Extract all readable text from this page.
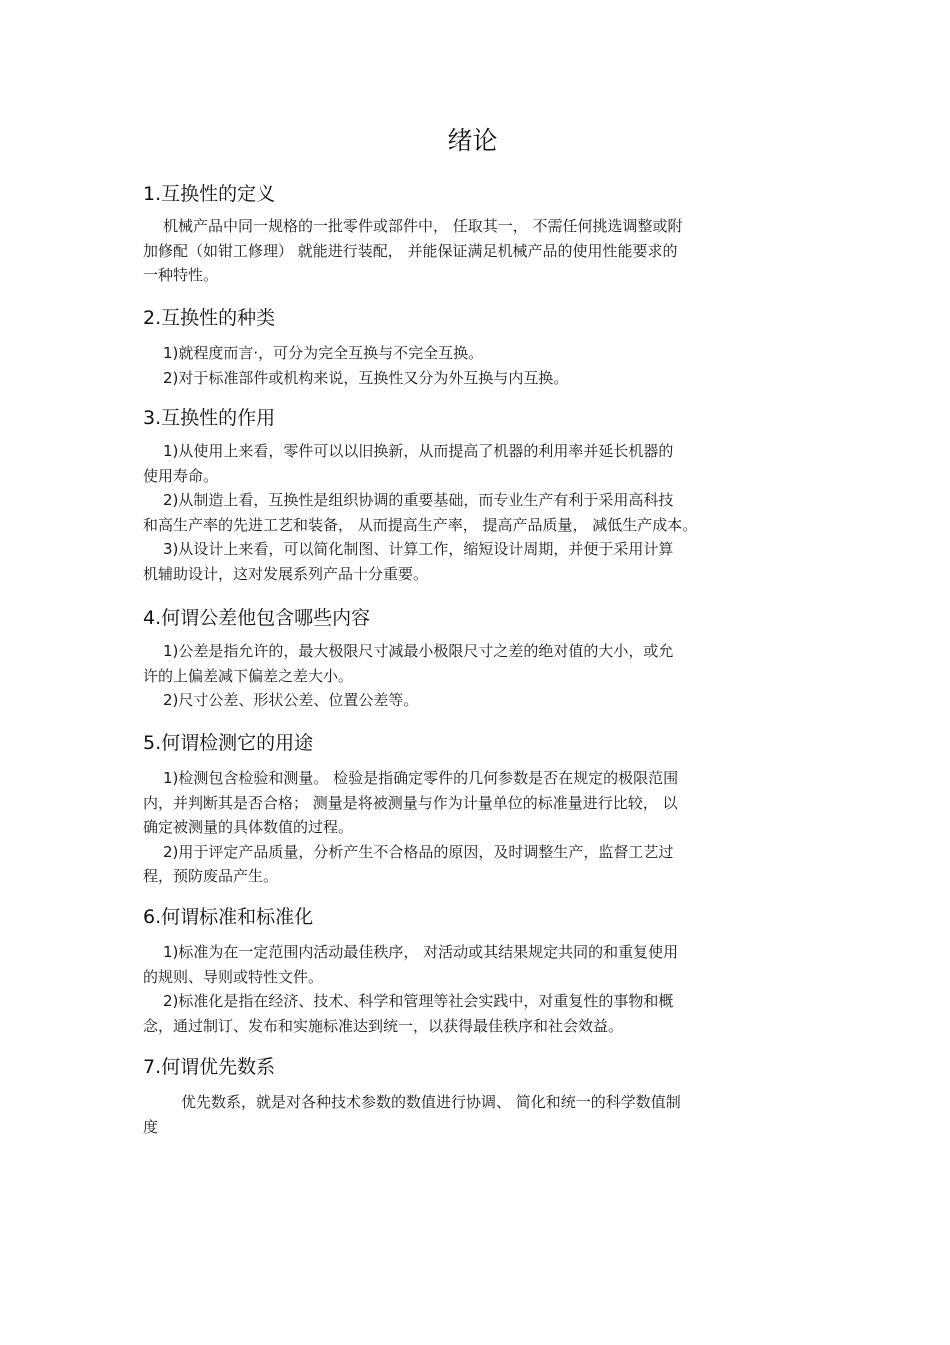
绪论
1.互换性的定义

机械产品中同一规格的一批零件或部件中， 任取其一， 不需任何挑选调整或附

加修配（如钳工修理） 就能进行装配， 并能保证满足机械产品的使用性能要求的

一种特性。

2.互换性的种类

1)就程度而言·，可分为完全互换与不完全互换。

2)对于标准部件或机构来说，互换性又分为外互换与内互换。

3.互换性的作用

1)从使用上来看，零件可以以旧换新，从而提高了机器的利用率并延长机器的

使用寿命。

2)从制造上看，互换性是组织协调的重要基础，而专业生产有利于采用高科技

和高生产率的先进工艺和装备， 从而提高生产率， 提高产品质量， 减低生产成本。

3)从设计上来看，可以简化制图、计算工作，缩短设计周期，并便于采用计算

机辅助设计，这对发展系列产品十分重要。

4.何谓公差他包含哪些内容

1)公差是指允许的，最大极限尺寸减最小极限尺寸之差的绝对值的大小，或允

许的上偏差减下偏差之差大小。

2)尺寸公差、形状公差、位置公差等。

5.何谓检测它的用途

1)检测包含检验和测量。 检验是指确定零件的几何参数是否在规定的极限范围

内，并判断其是否合格； 测量是将被测量与作为计量单位的标准量进行比较， 以

确定被测量的具体数值的过程。

2)用于评定产品质量，分析产生不合格品的原因，及时调整生产，监督工艺过

程，预防废品产生。

6.何谓标准和标准化

1)标准为在一定范围内活动最佳秩序， 对活动或其结果规定共同的和重复使用

的规则、导则或特性文件。

2)标准化是指在经济、技术、科学和管理等社会实践中，对重复性的事物和概

念，通过制订、发布和实施标准达到统一，以获得最佳秩序和社会效益。

7.何谓优先数系

优先数系，就是对各种技术参数的数值进行协调、 简化和统一的科学数值制

度
